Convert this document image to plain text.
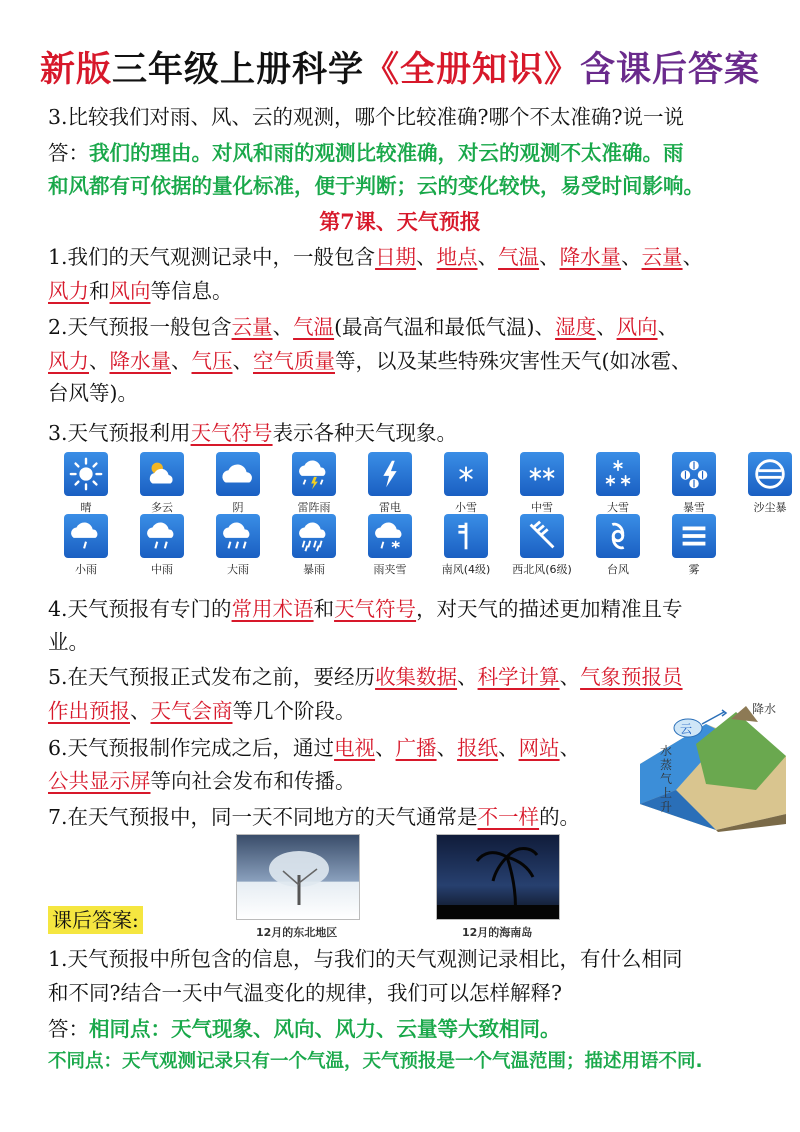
新版三年级上册科学《全册知识》含课后答案
3.比较我们对雨、风、云的观测，哪个比较准确?哪个不太准确?说一说
答：我们的理由。对风和雨的观测比较准确，对云的观测不太准确。雨
和风都有可依据的量化标准，便于判断；云的变化较快，易受时间影响。
第7课、天气预报
1.我们的天气观测记录中，一般包含日期、地点、气温、降水量、云量、
风力和风向等信息。
2.天气预报一般包含云量、气温(最高气温和最低气温)、湿度、风向、
风力、降水量、气压、空气质量等，以及某些特殊灾害性天气(如冰雹、
台风等)。
3.天气预报利用天气符号表示各种天气现象。
晴	多云	阴	雷阵雨	雷电	小雪	中雪	大雪	暴雪	沙尘暴
小雨	中雨	大雨	暴雨	雨夹雪	南风(4级) 西北风(6级)	台风	雾
4.天气预报有专门的常用术语和天气符号，对天气的描述更加精准且专
业。
5.在天气预报正式发布之前，要经历收集数据、科学计算、气象预报员
作出预报、天气会商等几个阶段。
6.天气预报制作完成之后，通过电视、广播、报纸、网站、
公共显示屏等向社会发布和传播。
7.在天气预报中，同一天不同地方的天气通常是不一样的。
云
降水
水蒸气上升
12月的东北地区	12月的海南岛
课后答案:
1.天气预报中所包含的信息，与我们的天气观测记录相比，有什么相同
和不同?结合一天中气温变化的规律，我们可以怎样解释?
答：相同点：天气现象、风向、风力、云量等大致相同。
不同点：天气观测记录只有一个气温，天气预报是一个气温范围；描述用语不同.
